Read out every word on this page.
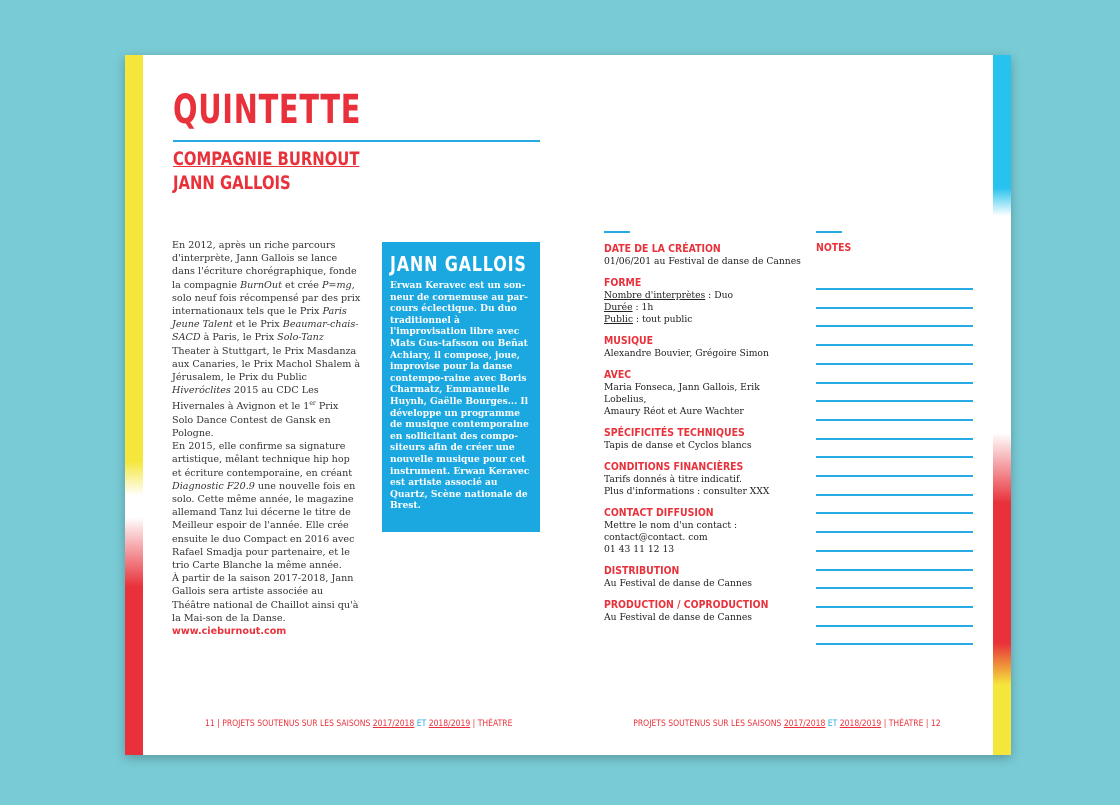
QUINTETTE
COMPAGNIE BURNOUT
JANN GALLOIS

En 2012, après un riche parcours d'interprète, Jann Gallois se lance dans l'écriture chorégraphique, fonde la compagnie BurnOut et crée P=mg, solo neuf fois récompensé par des prix internationaux tels que le Prix Paris Jeune Talent et le Prix Beaumar-chais-SACD à Paris, le Prix Solo-Tanz Theater à Stuttgart, le Prix Masdanza aux Canaries, le Prix Machol Shalem à Jérusalem, le Prix du Public Hiveróclites 2015 au CDC Les Hivernales à Avignon et le 1er Prix Solo Dance Contest de Gansk en Pologne.

En 2015, elle confirme sa signature artistique, mêlant technique hip hop et écriture contemporaine, en créant Diagnostic F20.9 une nouvelle fois en solo. Cette même année, le magazine allemand Tanz lui décerne le titre de Meilleur espoir de l'année. Elle crée ensuite le duo Compact en 2016 avec Rafael Smadja pour partenaire, et le trio Carte Blanche la même année.

À partir de la saison 2017-2018, Jann Gallois sera artiste associée au Théâtre national de Chaillot ainsi qu'à la Mai-son de la Danse.

www.cieburnout.com

JANN GALLOIS

Erwan Keravec est un son-neur de cornemuse au par-cours éclectique. Du duo traditionnel à l'improvisation libre avec Mats Gus-tafsson ou Beñat Achiary, il compose, joue, improvise pour la danse contempo-raine avec Boris Charmatz, Emmanuelle Huynh, Gaëlle Bourges... Il développe un programme de musique contemporaine en sollicitant des compo-siteurs afin de créer une nouvelle musique pour cet instrument. Erwan Keravec est artiste associé au Quartz, Scène nationale de Brest.

DATE DE LA CRÉATION
01/06/201 au Festival de danse de Cannes
FORME
Nombre d'interprètes : Duo
Durée : 1h
Public : tout public
MUSIQUE
Alexandre Bouvier, Grégoire Simon
AVEC
Maria Fonseca, Jann Gallois, Erik Lobelius,
Amaury Réot et Aure Wachter
SPÉCIFICITÉS TECHNIQUES
Tapis de danse et Cyclos blancs
CONDITIONS FINANCIÈRES
Tarifs donnés à titre indicatif.
Plus d'informations : consulter XXX
CONTACT DIFFUSION
Mettre le nom d'un contact :
contact@contact. com
01 43 11 12 13
DISTRIBUTION
Au Festival de danse de Cannes
PRODUCTION / COPRODUCTION
Au Festival de danse de Cannes
NOTES
11 | PROJETS SOUTENUS SUR LES SAISONS 2017/2018 ET 2018/2019 | THÉATRE	PROJETS SOUTENUS SUR LES SAISONS 2017/2018 ET 2018/2019 | THÉATRE | 12
